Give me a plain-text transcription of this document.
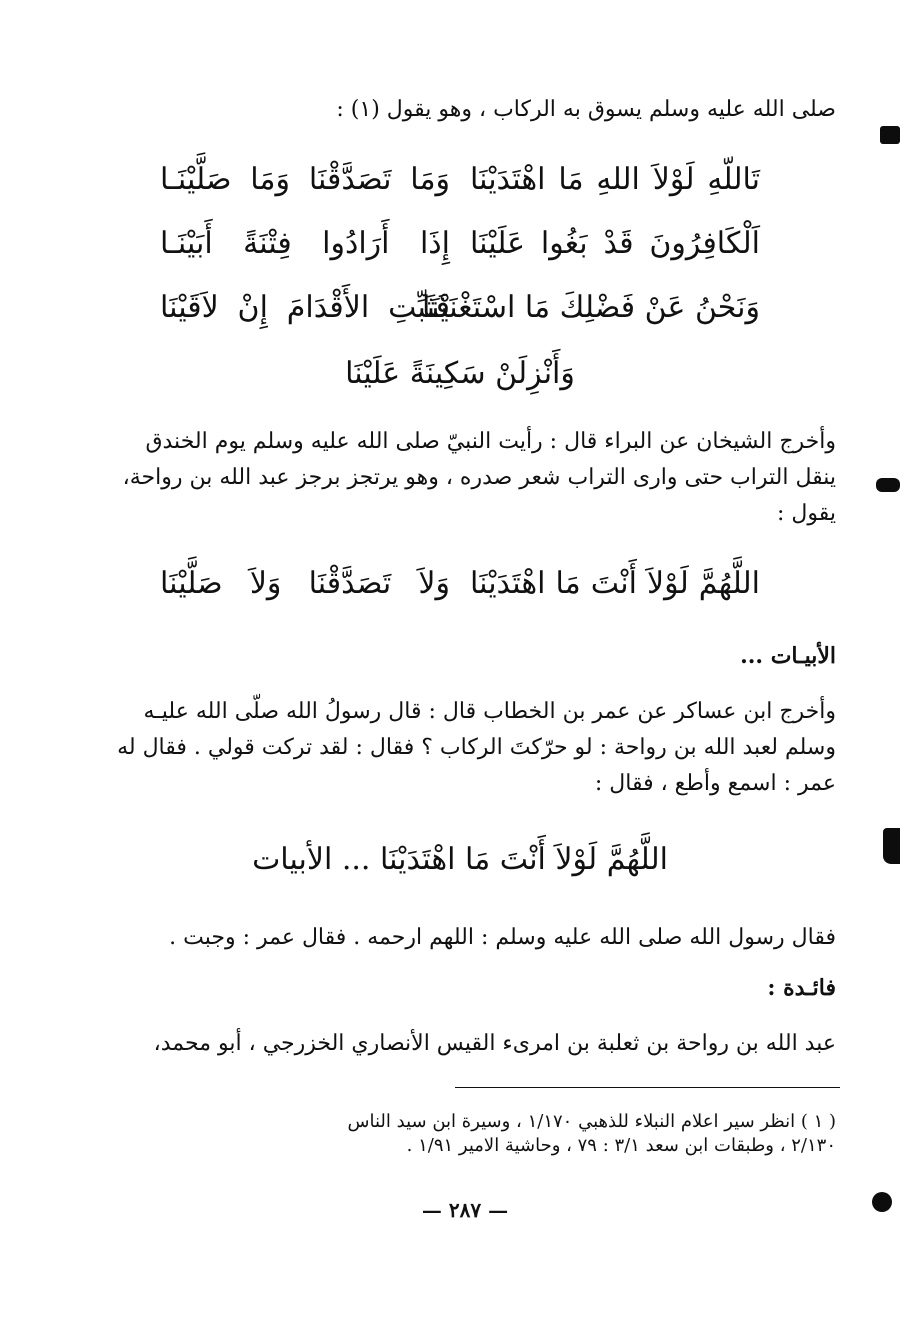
صلى الله عليه وسلم يسوق به الركاب ، وهو يقول (١) :

تَاللّهِ لَوْلاَ اللهِ مَا اهْتَدَيْنَا
وَمَا تَصَدَّقْنَا وَمَا صَلَّيْنَـا
اَلْكَافِرُونَ قَدْ بَغُوا عَلَيْنَا
إِذَا أَرَادُوا فِتْنَةً أَبَيْنَـا
وَنَحْنُ عَنْ فَضْلِكَ مَا اسْتَغْنَيْنَا
فَثَبِّتِ الأَقْدَامَ إِنْ لاَقَيْنَا
وَأَنْزِلَنْ سَكِينَةً عَلَيْنَا

وأخرج الشيخان عن البراء قال : رأيت النبيّ صلى الله عليه وسلم يوم الخندق
ينقل التراب حتى وارى التراب شعر صدره ، وهو يرتجز برجز عبد الله بن رواحة،
يقول :

اللَّهُمَّ لَوْلاَ أَنْتَ مَا اهْتَدَيْنَا
وَلاَ تَصَدَّقْنَا وَلاَ صَلَّيْنَا

الأبيـات ...

وأخرج ابن عساكر عن عمر بن الخطاب قال : قال رسولُ الله صلّى الله عليـه
وسلم لعبد الله بن رواحة : لو حرّكتَ الركاب ؟ فقال : لقد تركت قولي . فقال له
عمر : اسمع وأطع ، فقال :

اللَّهُمَّ لَوْلاَ أَنْتَ مَا اهْتَدَيْنَا ... الأبيات

فقال رسول الله صلى الله عليه وسلم : اللهم ارحمه . فقال عمر : وجبت .

فائـدة :

عبد الله بن رواحة بن ثعلبة بن امرىء القيس الأنصاري الخزرجي ، أبو محمد،

( ١ ) انظر سير اعلام النبلاء للذهبي ١/١٧٠ ، وسيرة ابن سيد الناس
٢/١٣٠ ، وطبقات ابن سعد ٣/١ : ٧٩ ، وحاشية الامير ١/٩١ .

— ٢٨٧ —
